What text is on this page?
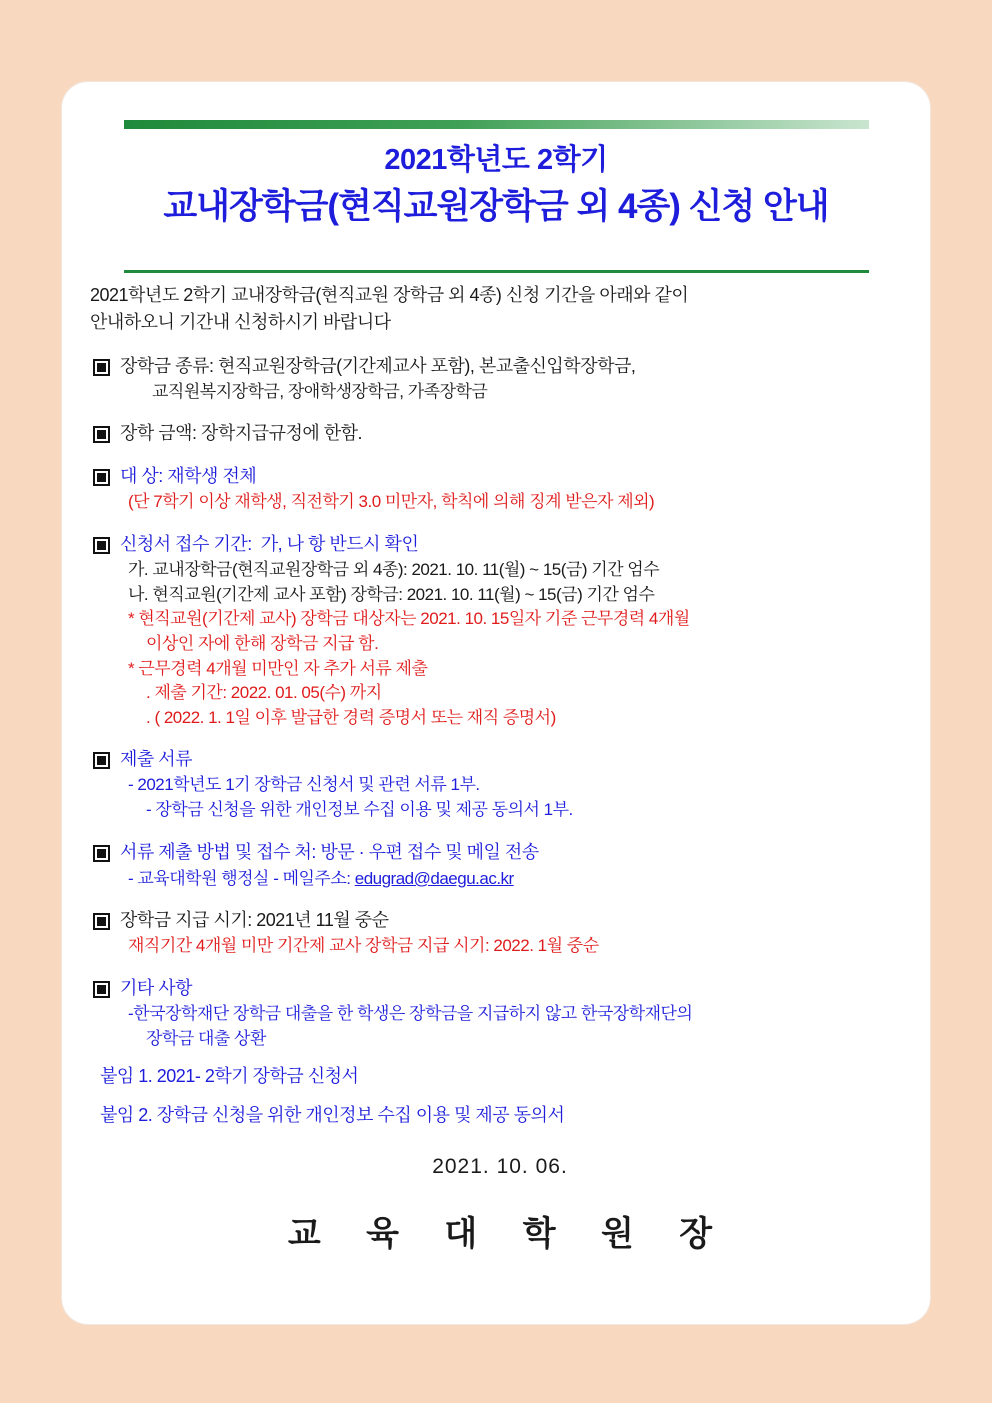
2021학년도 2학기
교내장학금(현직교원장학금 외 4종) 신청 안내
2021학년도 2학기 교내장학금(현직교원 장학금 외 4종) 신청 기간을 아래와 같이
안내하오니 기간내 신청하시기 바랍니다
장학금 종류: 현직교원장학금(기간제교사 포함), 본교출신입학장학금,
교직원복지장학금, 장애학생장학금, 가족장학금
장학 금액: 장학지급규정에 한함.
대 상: 재학생 전체
(단 7학기 이상 재학생, 직전학기 3.0 미만자, 학칙에 의해 징계 받은자 제외)
신청서 접수 기간:  가, 나 항 반드시 확인
가. 교내장학금(현직교원장학금 외 4종): 2021. 10. 11(월) ~ 15(금) 기간 엄수
나. 현직교원(기간제 교사 포함) 장학금: 2021. 10. 11(월) ~ 15(금) 기간 엄수
* 현직교원(기간제 교사) 장학금 대상자는 2021. 10. 15일자 기준 근무경력 4개월
이상인 자에 한해 장학금 지급 함.
* 근무경력 4개월 미만인 자 추가 서류 제출
. 제출 기간: 2022. 01. 05(수) 까지
. ( 2022. 1. 1일 이후 발급한 경력 증명서 또는 재직 증명서)
제출 서류
- 2021학년도 1기 장학금 신청서 및 관련 서류 1부.
- 장학금 신청을 위한 개인정보 수집 이용 및 제공 동의서 1부.
서류 제출 방법 및 접수 처: 방문 · 우편 접수 및 메일 전송
- 교육대학원 행정실 - 메일주소: edugrad@daegu.ac.kr
장학금 지급 시기: 2021년 11월 중순
재직기간 4개월 미만 기간제 교사 장학금 지급 시기: 2022. 1월 중순
기타 사항
-한국장학재단 장학금 대출을 한 학생은 장학금을 지급하지 않고 한국장학재단의
장학금 대출 상환
붙임 1. 2021- 2학기 장학금 신청서
붙임 2. 장학금 신청을 위한 개인정보 수집 이용 및 제공 동의서
2021. 10. 06.
교 육 대 학 원 장
